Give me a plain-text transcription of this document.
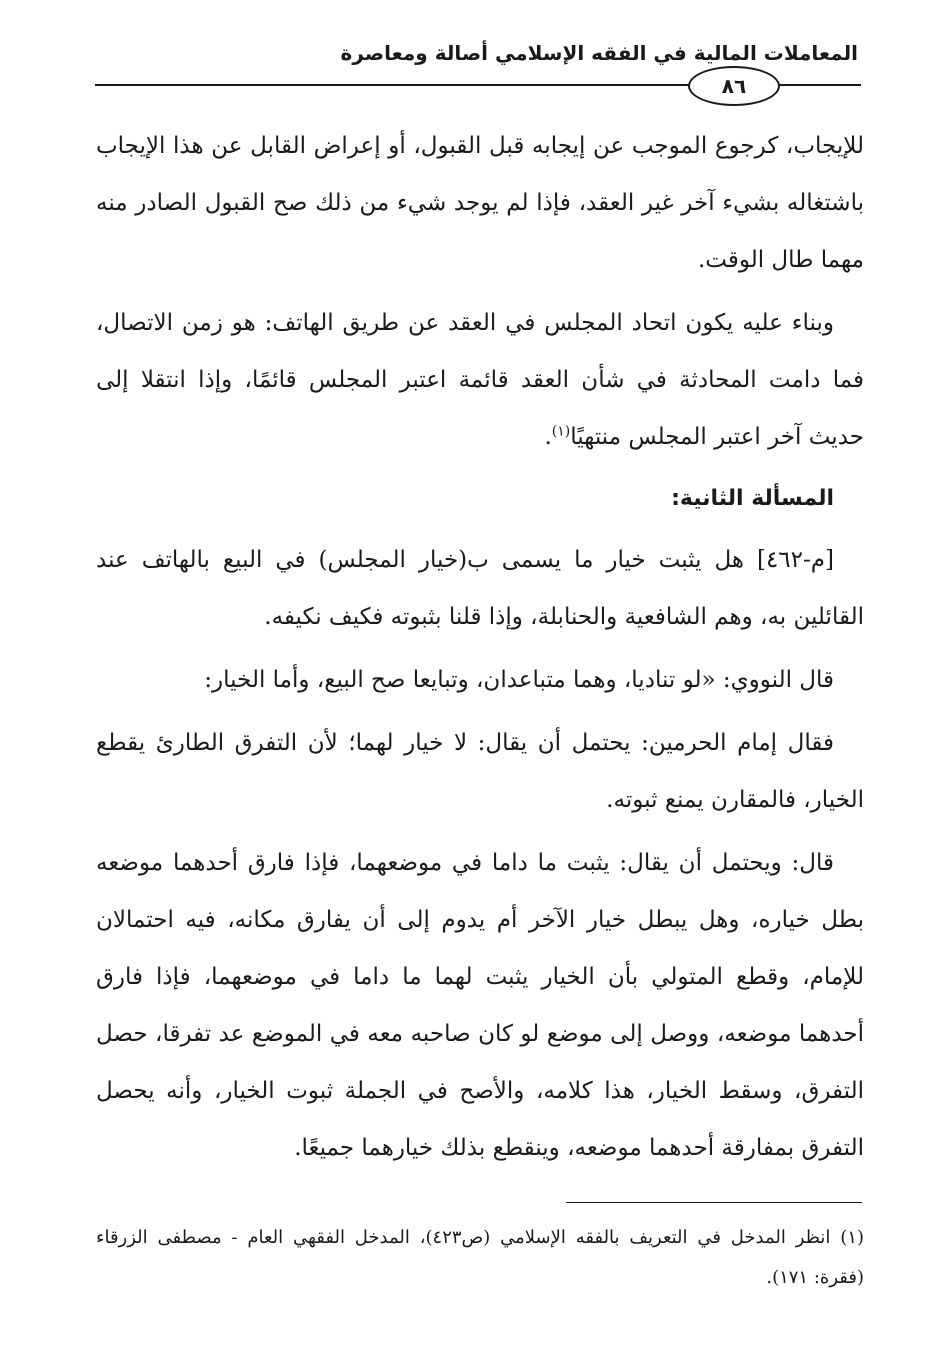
المعاملات المالية في الفقه الإسلامي أصالة ومعاصرة
٨٦

للإيجاب، كرجوع الموجب عن إيجابه قبل القبول، أو إعراض القابل عن هذا الإيجاب باشتغاله بشيء آخر غير العقد، فإذا لم يوجد شيء من ذلك صح القبول الصادر منه مهما طال الوقت.

وبناء عليه يكون اتحاد المجلس في العقد عن طريق الهاتف: هو زمن الاتصال، فما دامت المحادثة في شأن العقد قائمة اعتبر المجلس قائمًا، وإذا انتقلا إلى حديث آخر اعتبر المجلس منتهيًا$^{(١)}$.

المسألة الثانية:

[م-٤٦٢] هل يثبت خيار ما يسمى ب(خيار المجلس) في البيع بالهاتف عند القائلين به، وهم الشافعية والحنابلة، وإذا قلنا بثبوته فكيف نكيفه.

قال النووي: «لو تناديا، وهما متباعدان، وتبايعا صح البيع، وأما الخيار:

فقال إمام الحرمين: يحتمل أن يقال: لا خيار لهما؛ لأن التفرق الطارئ يقطع الخيار، فالمقارن يمنع ثبوته.

قال: ويحتمل أن يقال: يثبت ما داما في موضعهما، فإذا فارق أحدهما موضعه بطل خياره، وهل يبطل خيار الآخر أم يدوم إلى أن يفارق مكانه، فيه احتمالان للإمام، وقطع المتولي بأن الخيار يثبت لهما ما داما في موضعهما، فإذا فارق أحدهما موضعه، ووصل إلى موضع لو كان صاحبه معه في الموضع عد تفرقا، حصل التفرق، وسقط الخيار، هذا كلامه، والأصح في الجملة ثبوت الخيار، وأنه يحصل التفرق بمفارقة أحدهما موضعه، وينقطع بذلك خيارهما جميعًا.

(١) انظر المدخل في التعريف بالفقه الإسلامي (ص٤٢٣)، المدخل الفقهي العام - مصطفى الزرقاء (فقرة: ١٧١).
